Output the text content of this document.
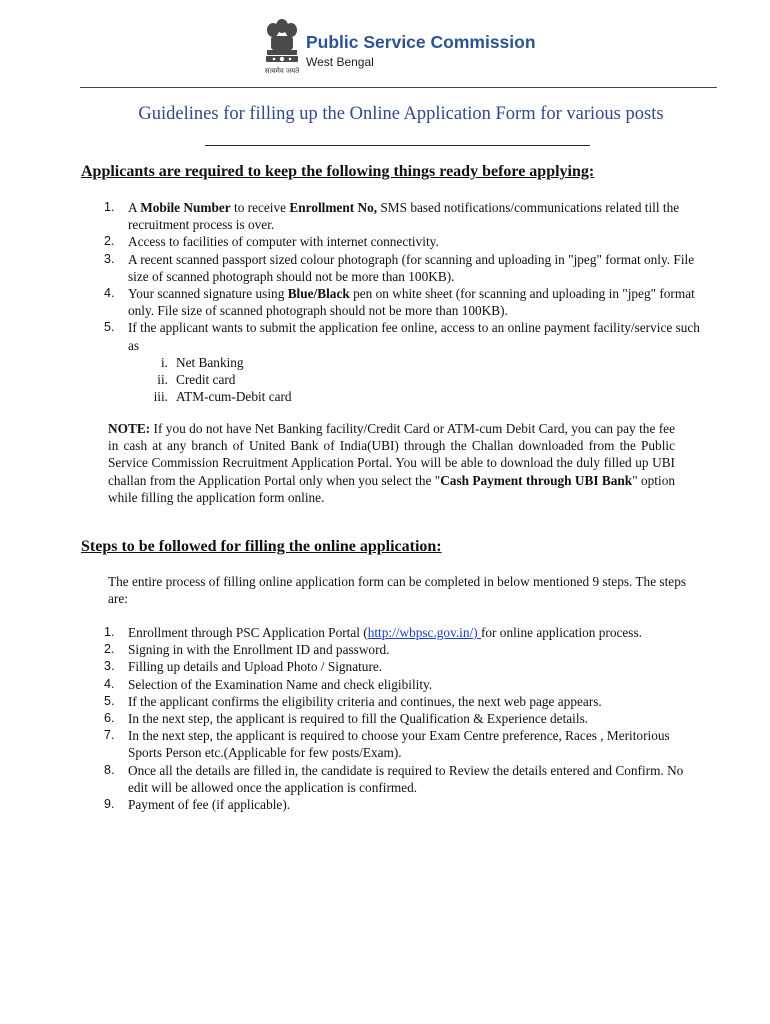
सत्यमेव जयते
Public Service Commission
West Bengal
Guidelines for filling up the Online Application Form for various posts
Applicants are required to keep the following things ready before applying:
1. A Mobile Number to receive Enrollment No, SMS based notifications/communications related till the recruitment process is over.
2. Access to facilities of computer with internet connectivity.
3. A recent scanned passport sized colour photograph (for scanning and uploading in "jpeg" format only. File size of scanned photograph should not be more than 100KB).
4. Your scanned signature using Blue/Black pen on white sheet (for scanning and uploading in "jpeg" format only. File size of scanned photograph should not be more than 100KB).
5. If the applicant wants to submit the application fee online, access to an online payment facility/service such as
i. Net Banking
ii. Credit card
iii. ATM-cum-Debit card
NOTE: If you do not have Net Banking facility/Credit Card or ATM-cum Debit Card, you can pay the fee in cash at any branch of United Bank of India(UBI) through the Challan downloaded from the Public Service Commission Recruitment Application Portal. You will be able to download the duly filled up UBI challan from the Application Portal only when you select the "Cash Payment through UBI Bank" option while filling the application form online.
Steps to be followed for filling the online application:
The entire process of filling online application form can be completed in below mentioned 9 steps. The steps are:
1. Enrollment through PSC Application Portal (http://wbpsc.gov.in/) for online application process.
2. Signing in with the Enrollment ID and password.
3. Filling up details and Upload Photo / Signature.
4. Selection of the Examination Name and check eligibility.
5. If the applicant confirms the eligibility criteria and continues, the next web page appears.
6. In the next step, the applicant is required to fill the Qualification & Experience details.
7. In the next step, the applicant is required to choose your Exam Centre preference, Races , Meritorious Sports Person etc.(Applicable for few posts/Exam).
8. Once all the details are filled in, the candidate is required to Review the details entered and Confirm. No edit will be allowed once the application is confirmed.
9. Payment of fee (if applicable).
